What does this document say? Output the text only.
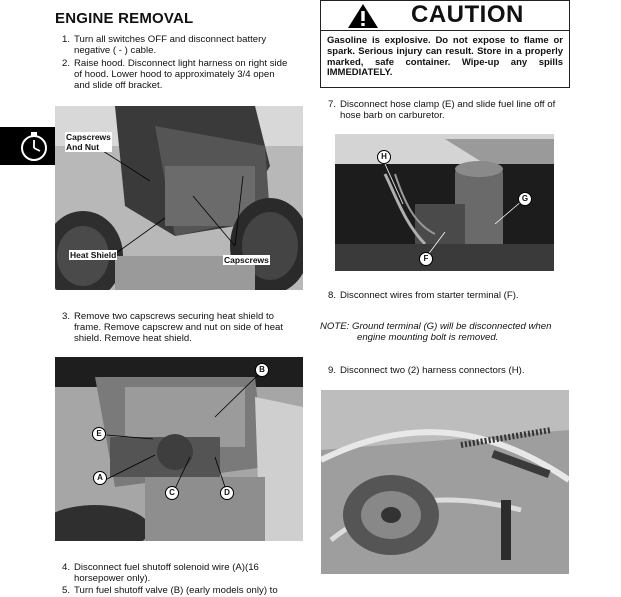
ENGINE REMOVAL	CAUTION
Gasoline is explosive. Do not expose to flame or spark. Serious injury can result. Store in a properly marked, safe container. Wipe-up any spills IMMEDIATELY.
1. Turn all switches OFF and disconnect battery
negative ( - ) cable.
2. Raise hood. Disconnect light harness on right side
of hood. Lower hood to approximately 3/4 open
and slide off bracket.
Capscrews
And Nut
Heat Shield	Capscrews
3. Remove two capscrews securing heat shield to
frame. Remove capscrew and nut on side of heat
shield. Remove heat shield.
B
E
A
C	D
4. Disconnect fuel shutoff solenoid wire (A)(16
horsepower only).
5. Turn fuel shutoff valve (B) (early models only) to
7. Disconnect hose clamp (E) and slide fuel line off of
hose barb on carburetor.
H
G
F
8. Disconnect wires from starter terminal (F).
NOTE: Ground terminal (G) will be disconnected when
engine mounting bolt is removed.
9. Disconnect two (2) harness connectors (H).
